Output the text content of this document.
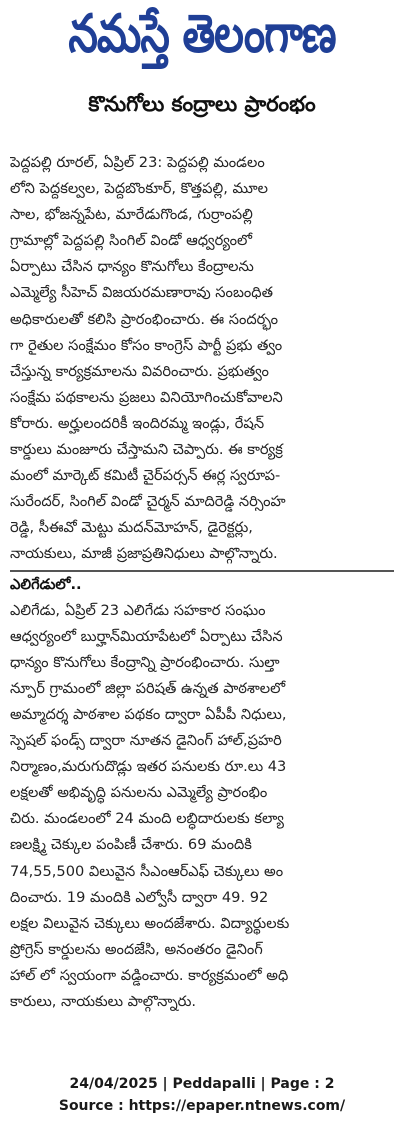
నమస్తే తెలంగాణ
కొనుగోలు కంద్రాలు ప్రారంభం
పెద్దపల్లి రూరల్, ఏప్రిల్ 23: పెద్దపల్లి మండలం
లోని పెద్దకల్వల, పెద్దబొంకూర్, కొత్తపల్లి, మూల
సాల, భోజన్నపేట, మారేడుగొండ, గుర్రాంపల్లి
గ్రామాల్లో పెద్దపల్లి సింగిల్ విండో ఆధ్వర్యంలో
ఏర్పాటు చేసిన ధాన్యం కొనుగోలు కేంద్రాలను
ఎమ్మెల్యే సీహెచ్ విజయరమణారావు సంబంధిత
అధికారులతో కలిసి ప్రారంభించారు. ఈ సందర్భం
గా రైతుల సంక్షేమం కోసం కాంగ్రెస్ పార్టీ ప్రభు త్వం
చేస్తున్న కార్యక్రమాలను వివరించారు. ప్రభుత్వం
సంక్షేమ పథకాలను ప్రజలు వినియోగించుకోవాలని
కోరారు. అర్హులందరికీ ఇందిరమ్మ ఇండ్లు, రేషన్
కార్డులు మంజూరు చేస్తామని చెప్పారు. ఈ కార్యక్ర
మంలో మార్కెట్ కమిటీ చైర్‌పర్సన్ ఈర్ల స్వరూప-
సురేందర్, సింగిల్ విండో చైర్మన్ మాదిరెడ్డి నర్సింహ
రెడ్డి, సీఈవో మెట్టు మదన్‌మోహన్, డైరెక్టర్లు,
నాయకులు, మాజీ ప్రజాప్రతినిధులు పాల్గొన్నారు.
ఎలిగేడులో..
ఎలిగేడు, ఏప్రిల్ 23 ఎలిగేడు సహకార సంఘం
ఆధ్వర్యంలో బుర్హాన్‌మియాపేటలో ఏర్పాటు చేసిన
ధాన్యం కొనుగోలు కేంద్రాన్ని ప్రారంభించారు. సుల్తా
న్పూర్ గ్రామంలో జిల్లా పరిషత్ ఉన్నత పాఠశాలలో
అమ్మాదర్శ పాఠశాల పథకం ద్వారా ఏపీపీ నిధులు,
స్పెషల్ ఫండ్స్ ద్వారా నూతన డైనింగ్ హాల్,ప్రహరి
నిర్మాణం,మరుగుదొడ్లు ఇతర పనులకు రూ.లు 43
లక్షలతో అభివృద్ధి పనులను ఎమ్మెల్యే ప్రారంభిం
చిరు. మండలంలో 24 మంది లబ్ధిదారులకు కల్యా
ణలక్ష్మి చెక్కుల పంపిణీ చేశారు. 69 మందికి
74,55,500 విలువైన సీఎంఆర్ఎఫ్ చెక్కులు అం
దించారు. 19 మందికి ఎల్వోసీ ద్వారా 49. 92
లక్షల విలువైన చెక్కులు అందజేశారు. విద్యార్థులకు
ప్రోగ్రెస్ కార్డులను అందజేసి, అనంతరం డైనింగ్
హాల్ లో స్వయంగా వడ్డించారు. కార్యక్రమంలో అధి
కారులు, నాయకులు పాల్గొన్నారు.
24/04/2025 | Peddapalli | Page : 2
Source : https://epaper.ntnews.com/
